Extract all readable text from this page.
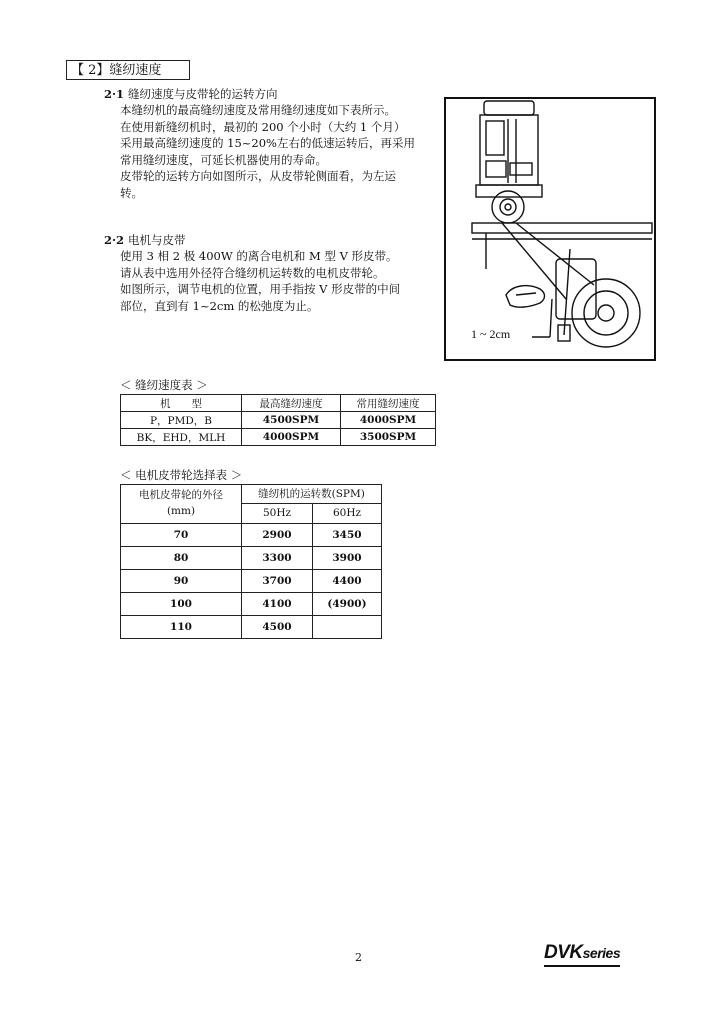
【 2】缝纫速度
2·1 缝纫速度与皮带轮的运转方向

本缝纫机的最高缝纫速度及常用缝纫速度如下表所示。

在使用新缝纫机时，最初的 200 个小时（大约 1 个月）

采用最高缝纫速度的 15~20%左右的低速运转后，再采用

常用缝纫速度，可延长机器使用的寿命。

皮带轮的运转方向如图所示，从皮带轮侧面看，为左运

转。

2·2 电机与皮带

使用 3 相 2 极 400W 的离合电机和 M 型 V 形皮带。

请从表中选用外径符合缝纫机运转数的电机皮带轮。

如图所示，调节电机的位置，用手指按 V 形皮带的中间

部位，直到有 1~2cm 的松弛度为止。

1 ~ 2cm
＜ 缝纫速度表 ＞
机　　型	最高缝纫速度	常用缝纫速度
P，PMD，B	4500SPM	4000SPM
BK，EHD，MLH	4000SPM	3500SPM
＜ 电机皮带轮选择表 ＞
电机皮带轮的外径
(mm)	缝纫机的运转数(SPM)	
	50Hz	60Hz
70	2900	3450
80	3300	3900
90	3700	4400
100	4100	(4900)
110	4500	
2	DVKseries
